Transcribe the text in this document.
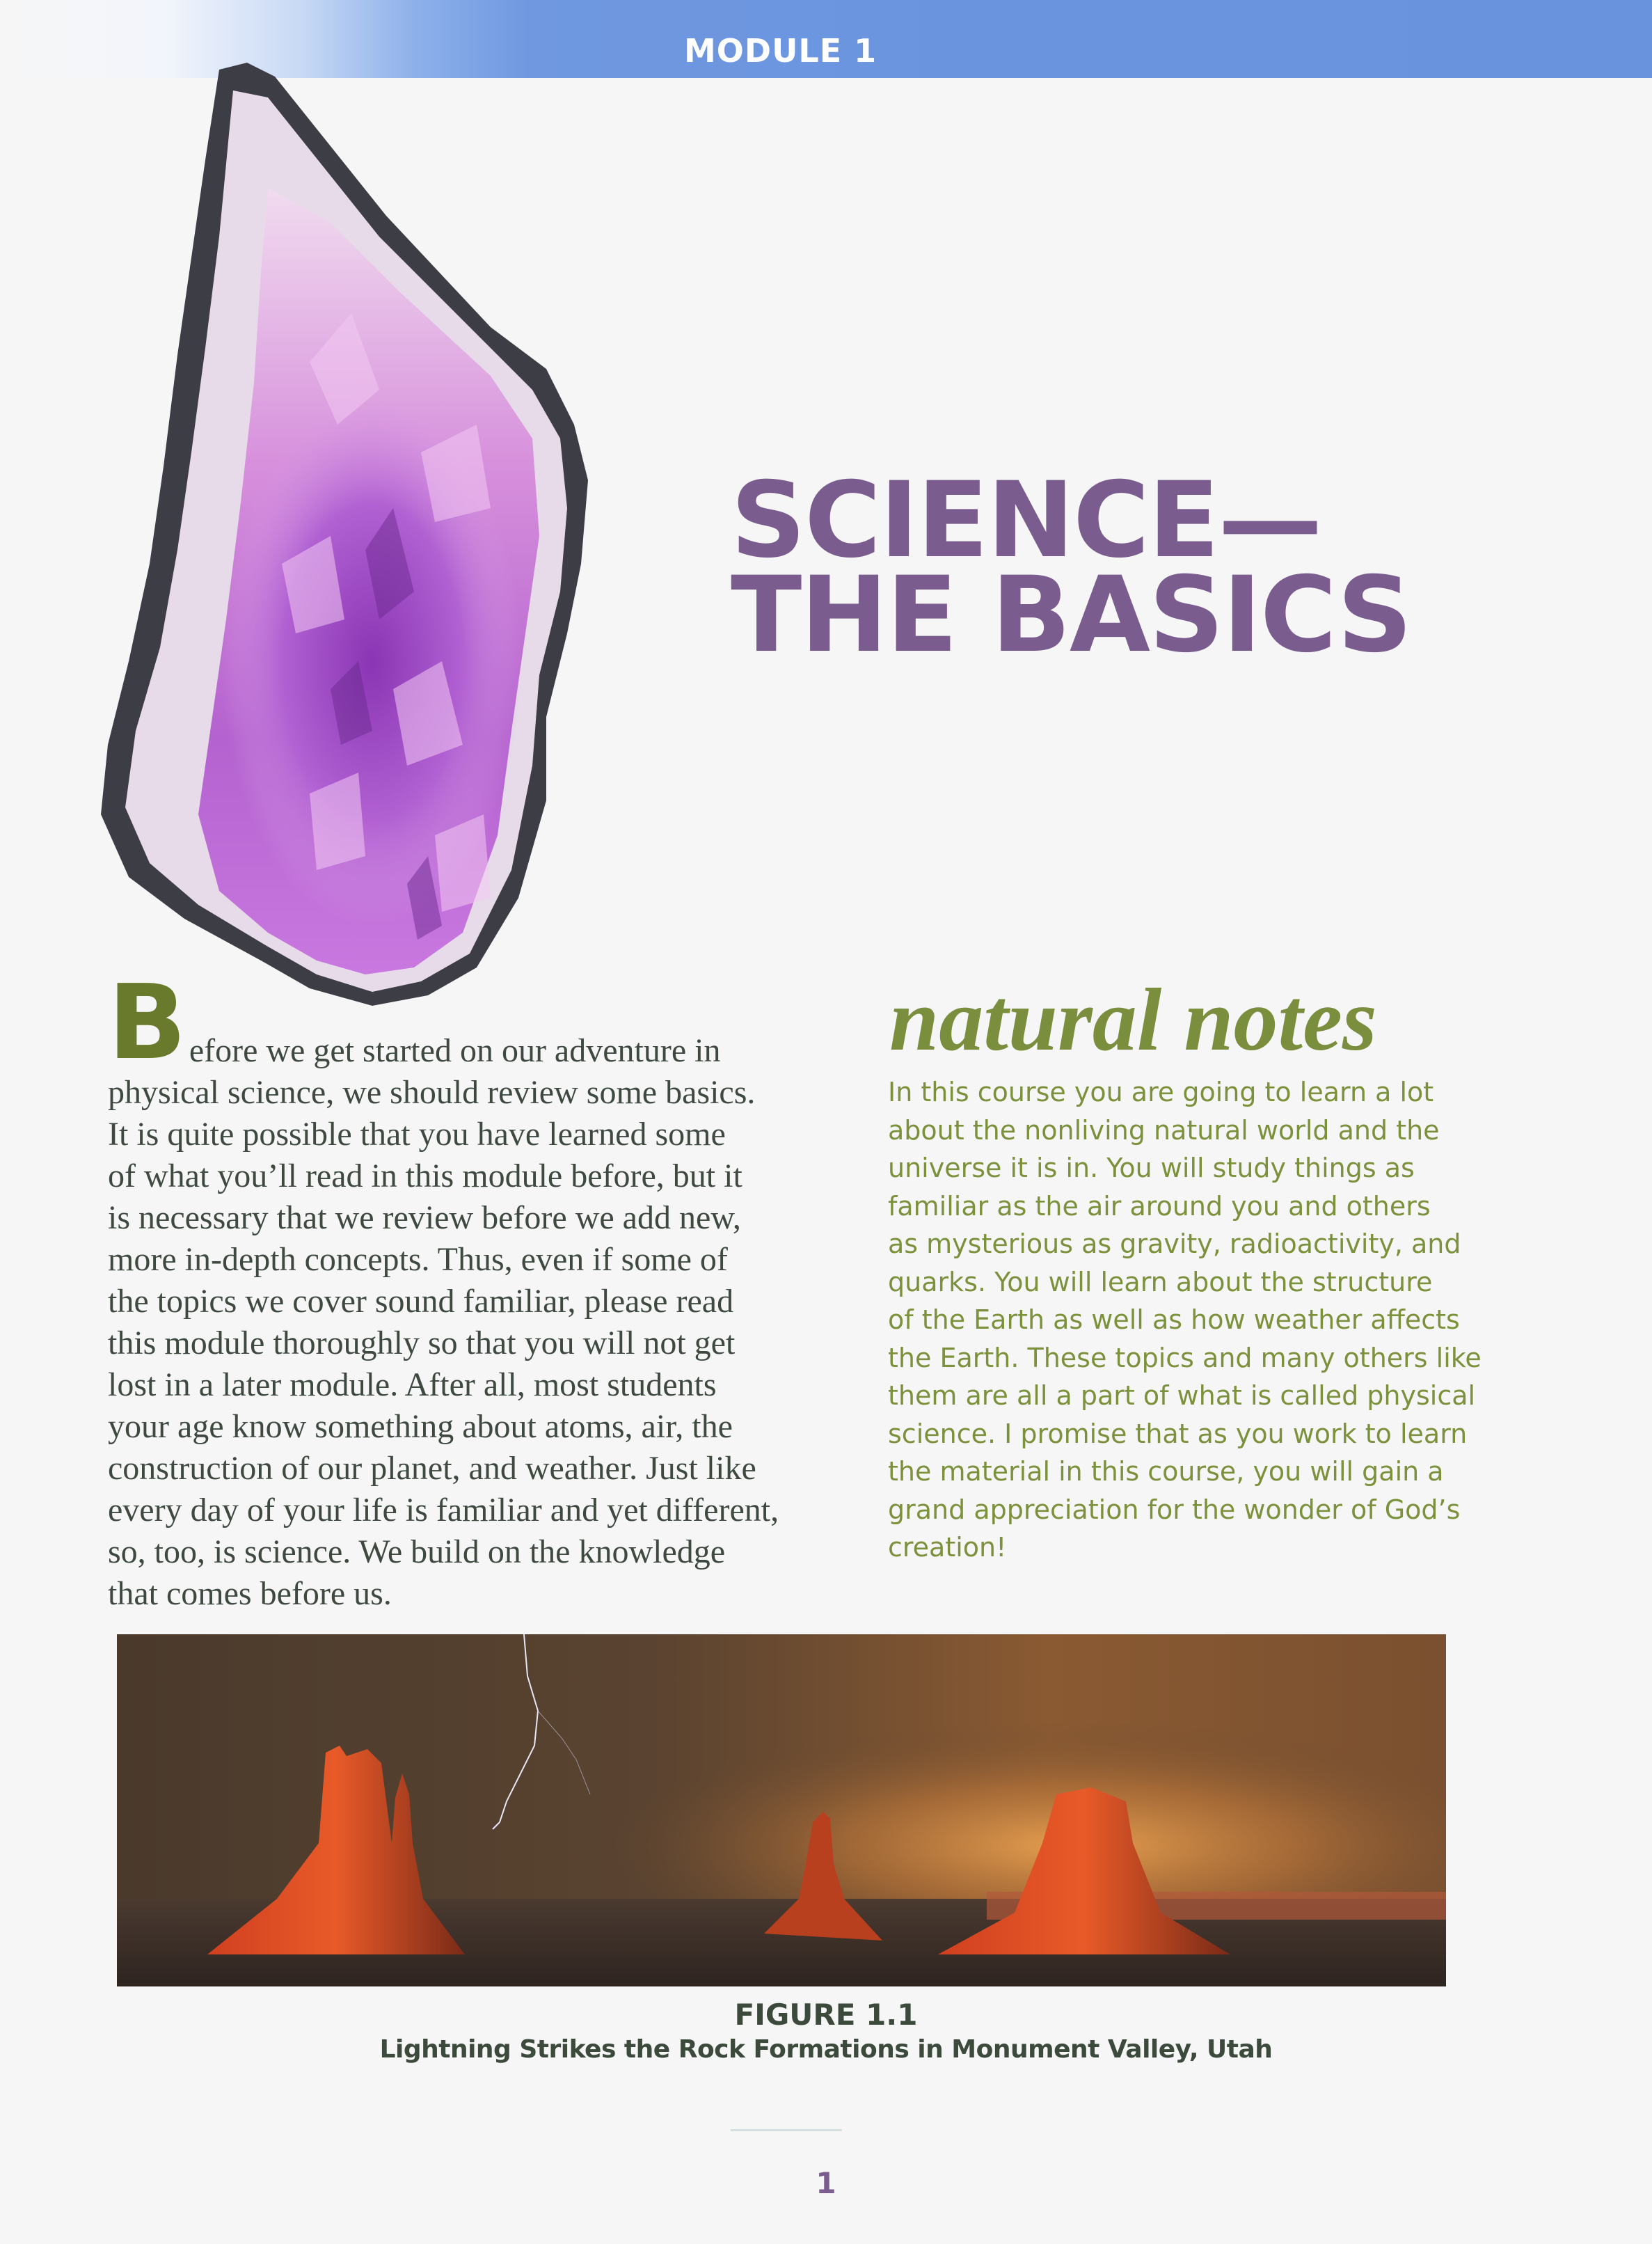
MODULE 1
SCIENCE—
THE BASICS
B efore we get started on our adventure in
physical science, we should review some basics.
It is quite possible that you have learned some
of what you’ll read in this module before, but it
is necessary that we review before we add new,
more in-depth concepts. Thus, even if some of
the topics we cover sound familiar, please read
this module thoroughly so that you will not get
lost in a later module. After all, most students
your age know something about atoms, air, the
construction of our planet, and weather. Just like
every day of your life is familiar and yet different,
so, too, is science. We build on the knowledge
that comes before us.
natural notes
In this course you are going to learn a lot
about the nonliving natural world and the
universe it is in. You will study things as
familiar as the air around you and others
as mysterious as gravity, radioactivity, and
quarks. You will learn about the structure
of the Earth as well as how weather affects
the Earth. These topics and many others like
them are all a part of what is called physical
science. I promise that as you work to learn
the material in this course, you will gain a
grand appreciation for the wonder of God’s
creation!
FIGURE 1.1
Lightning Strikes the Rock Formations in Monument Valley, Utah
1
